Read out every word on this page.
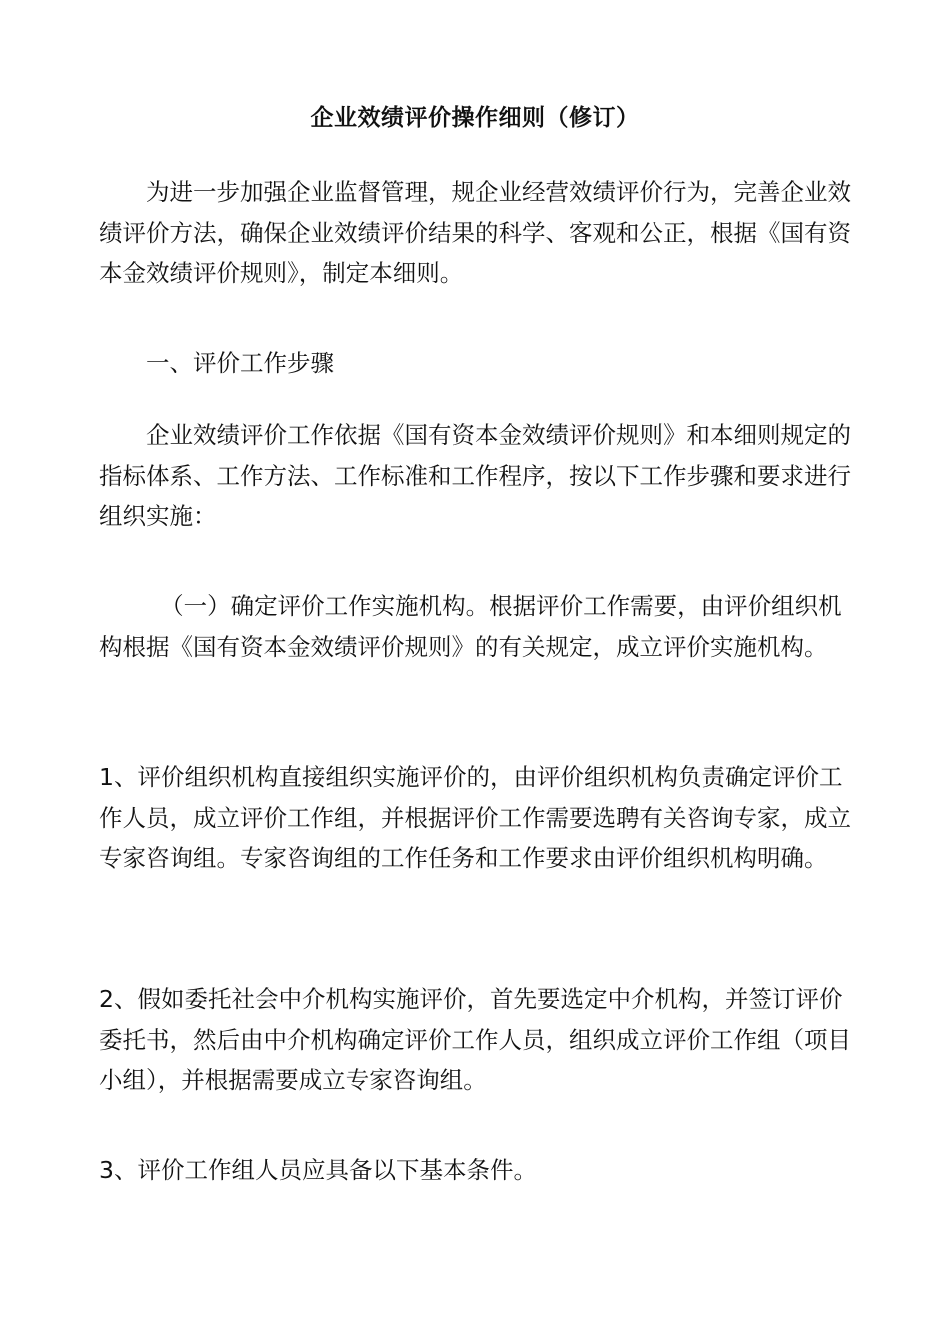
企业效绩评价操作细则（修订）

为进一步加强企业监督管理，规企业经营效绩评价行为，完善企业效绩评价方法，确保企业效绩评价结果的科学、客观和公正，根据《国有资本金效绩评价规则》，制定本细则。

一、评价工作步骤

企业效绩评价工作依据《国有资本金效绩评价规则》和本细则规定的指标体系、工作方法、工作标准和工作程序，按以下工作步骤和要求进行组织实施：

（一）确定评价工作实施机构。根据评价工作需要，由评价组织机构根据《国有资本金效绩评价规则》的有关规定，成立评价实施机构。

1、评价组织机构直接组织实施评价的，由评价组织机构负责确定评价工作人员，成立评价工作组，并根据评价工作需要选聘有关咨询专家，成立专家咨询组。专家咨询组的工作任务和工作要求由评价组织机构明确。

2、假如委托社会中介机构实施评价，首先要选定中介机构，并签订评价委托书，然后由中介机构确定评价工作人员，组织成立评价工作组（项目小组），并根据需要成立专家咨询组。

3、评价工作组人员应具备以下基本条件。
